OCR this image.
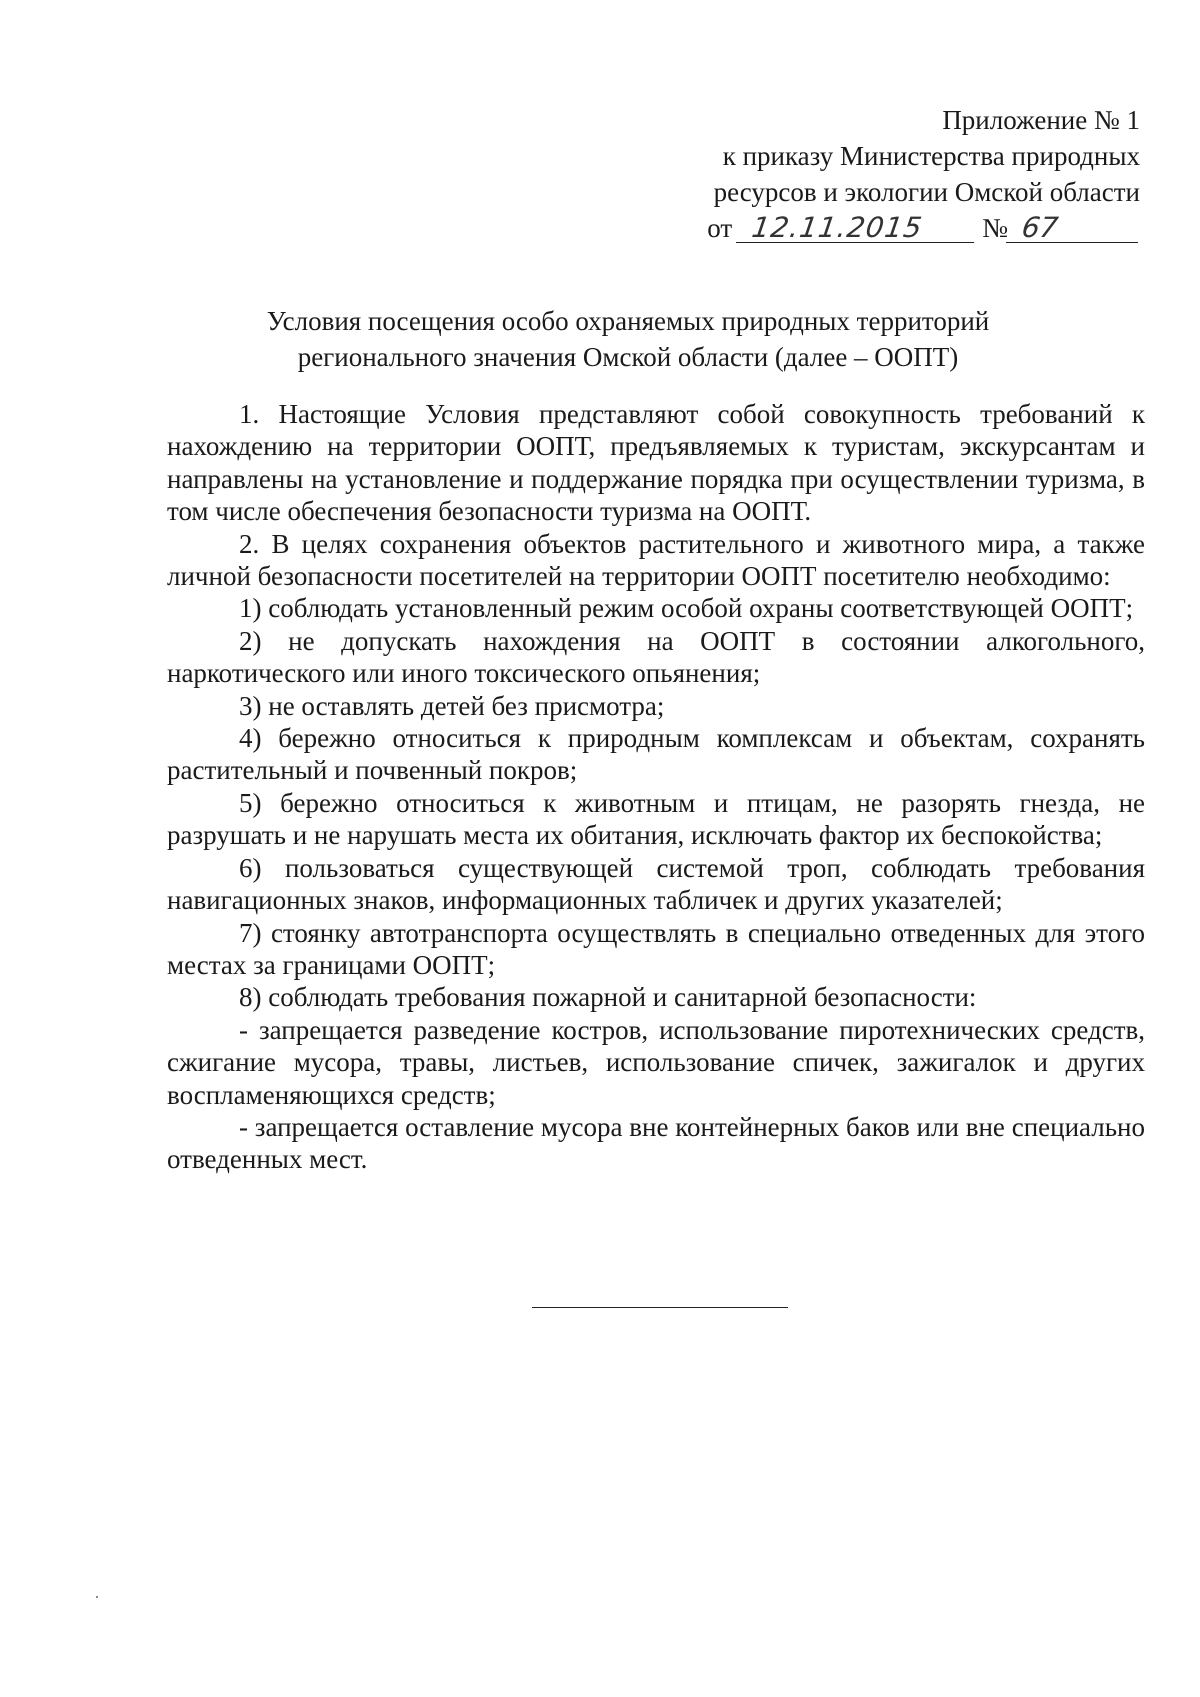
Приложение № 1
к приказу Министерства природных
ресурсов и экологии Омской области
от 12.11.2015	№ 67
Условия посещения особо охраняемых природных территорий
регионального значения Омской области (далее – ООПТ)

1. Настоящие Условия представляют собой совокупность требований к нахождению на территории ООПТ, предъявляемых к туристам, экскурсантам и направлены на установление и поддержание порядка при осуществлении туризма, в том числе обеспечения безопасности туризма на ООПТ.

2. В целях сохранения объектов растительного и животного мира, а также личной безопасности посетителей на территории ООПТ посетителю необходимо:

1) соблюдать установленный режим особой охраны соответствующей ООПТ;

2) не допускать нахождения на ООПТ в состоянии алкогольного, наркотического или иного токсического опьянения;

3) не оставлять детей без присмотра;

4) бережно относиться к природным комплексам и объектам, сохранять растительный и почвенный покров;

5) бережно относиться к животным и птицам, не разорять гнезда, не разрушать и не нарушать места их обитания, исключать фактор их беспокойства;

6) пользоваться существующей системой троп, соблюдать требования навигационных знаков, информационных табличек и других указателей;

7) стоянку автотранспорта осуществлять в специально отведенных для этого местах за границами ООПТ;

8) соблюдать требования пожарной и санитарной безопасности:

- запрещается разведение костров, использование пиротехнических средств, сжигание мусора, травы, листьев, использование спичек, зажигалок и других воспламеняющихся средств;

- запрещается оставление мусора вне контейнерных баков или вне специально отведенных мест.
